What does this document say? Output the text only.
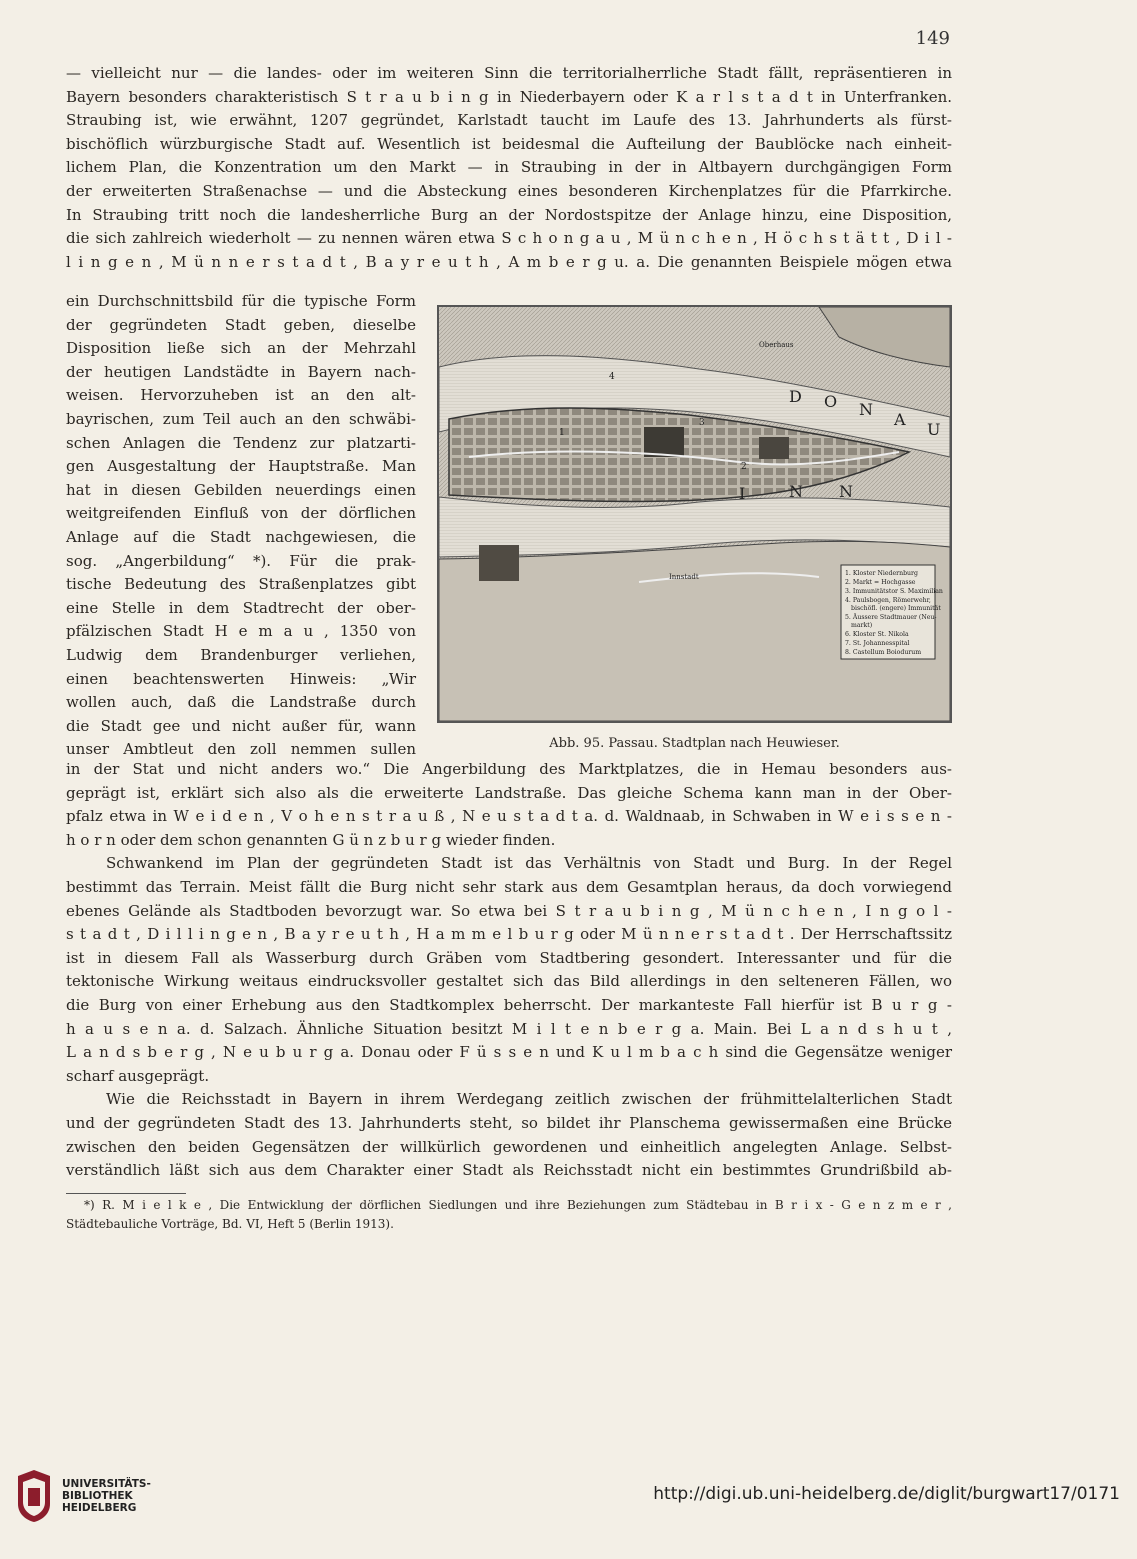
149

— vielleicht nur — die landes- oder im weiteren Sinn die territorialherrliche Stadt fällt, repräsentieren in

Bayern besonders charakteristisch S t r a u b i n g in Niederbayern oder K a r l s t a d t in Unterfranken.

Straubing ist, wie erwähnt, 1207 gegründet, Karlstadt taucht im Laufe des 13. Jahrhunderts als fürst-

bischöflich würzburgische Stadt auf. Wesentlich ist beidesmal die Aufteilung der Baublöcke nach einheit-

lichem Plan, die Konzentration um den Markt — in Straubing in der in Altbayern durchgängigen Form

der erweiterten Straßenachse — und die Absteckung eines besonderen Kirchenplatzes für die Pfarrkirche.

In Straubing tritt noch die landesherrliche Burg an der Nordostspitze der Anlage hinzu, eine Disposition,

die sich zahlreich wiederholt — zu nennen wären etwa S c h o n g a u , M ü n c h e n , H ö c h s t ä t t , D i l -

l i n g e n , M ü n n e r s t a d t , B a y r e u t h , A m b e r g u. a. Die genannten Beispiele mögen etwa

ein Durchschnittsbild für die typische Form

der gegründeten Stadt geben, dieselbe

Disposition ließe sich an der Mehrzahl

der heutigen Landstädte in Bayern nach-

weisen. Hervorzuheben ist an den alt-

bayrischen, zum Teil auch an den schwäbi-

schen Anlagen die Tendenz zur platzarti-

gen Ausgestaltung der Hauptstraße. Man

hat in diesen Gebilden neuerdings einen

weitgreifenden Einfluß von der dörflichen

Anlage auf die Stadt nachgewiesen, die

sog. „Angerbildung“ *). Für die prak-

tische Bedeutung des Straßenplatzes gibt

eine Stelle in dem Stadtrecht der ober-

pfälzischen Stadt H e m a u , 1350 von

Ludwig dem Brandenburger verliehen,

einen beachtenswerten Hinweis: „Wir

wollen auch, daß die Landstraße durch

die Stadt gee und nicht außer für, wann

unser Ambtleut den zoll nemmen sullen

D O N
A
U
I	N N
Innstadt
Oberhaus
4
2
1
3
1. Kloster Niedernburg
2. Markt = Hochgasse
3. Immunitätstor S. Maximilian
4. Paulsbogen, Römerwehr,
bischöfl. (engere) Immunität
5. Äussere Stadtmauer (Neu-
markt)
6. Kloster St. Nikola
7. St. Johannesspital
8. Castellum Boiodurum
Abb. 95. Passau. Stadtplan nach Heuwieser.

in der Stat und nicht anders wo.“ Die Angerbildung des Marktplatzes, die in Hemau besonders aus-

geprägt ist, erklärt sich also als die erweiterte Landstraße. Das gleiche Schema kann man in der Ober-

pfalz etwa in W e i d e n , V o h e n s t r a u ß , N e u s t a d t a. d. Waldnaab, in Schwaben in W e i s s e n -

h o r n oder dem schon genannten G ü n z b u r g wieder finden.

Schwankend im Plan der gegründeten Stadt ist das Verhältnis von Stadt und Burg. In der Regel

bestimmt das Terrain. Meist fällt die Burg nicht sehr stark aus dem Gesamtplan heraus, da doch vorwiegend

ebenes Gelände als Stadtboden bevorzugt war. So etwa bei S t r a u b i n g , M ü n c h e n , I n g o l -

s t a d t , D i l l i n g e n , B a y r e u t h , H a m m e l b u r g oder M ü n n e r s t a d t . Der Herrschaftssitz

ist in diesem Fall als Wasserburg durch Gräben vom Stadtbering gesondert. Interessanter und für die

tektonische Wirkung weitaus eindrucksvoller gestaltet sich das Bild allerdings in den selteneren Fällen, wo

die Burg von einer Erhebung aus den Stadtkomplex beherrscht. Der markanteste Fall hierfür ist B u r g -

h a u s e n a. d. Salzach. Ähnliche Situation besitzt M i l t e n b e r g a. Main. Bei L a n d s h u t ,

L a n d s b e r g , N e u b u r g a. Donau oder F ü s s e n und K u l m b a c h sind die Gegensätze weniger

scharf ausgeprägt.

Wie die Reichsstadt in Bayern in ihrem Werdegang zeitlich zwischen der frühmittelalterlichen Stadt

und der gegründeten Stadt des 13. Jahrhunderts steht, so bildet ihr Planschema gewissermaßen eine Brücke

zwischen den beiden Gegensätzen der willkürlich gewordenen und einheitlich angelegten Anlage. Selbst-

verständlich läßt sich aus dem Charakter einer Stadt als Reichsstadt nicht ein bestimmtes Grundrißbild ab-

*) R. M i e l k e , Die Entwicklung der dörflichen Siedlungen und ihre Beziehungen zum Städtebau in B r i x - G e n z m e r ,
Städtebauliche Vorträge, Bd. VI, Heft 5 (Berlin 1913).
UNIVERSITÄTS-
BIBLIOTHEK
HEIDELBERG
http://digi.ub.uni-heidelberg.de/diglit/burgwart17/0171
